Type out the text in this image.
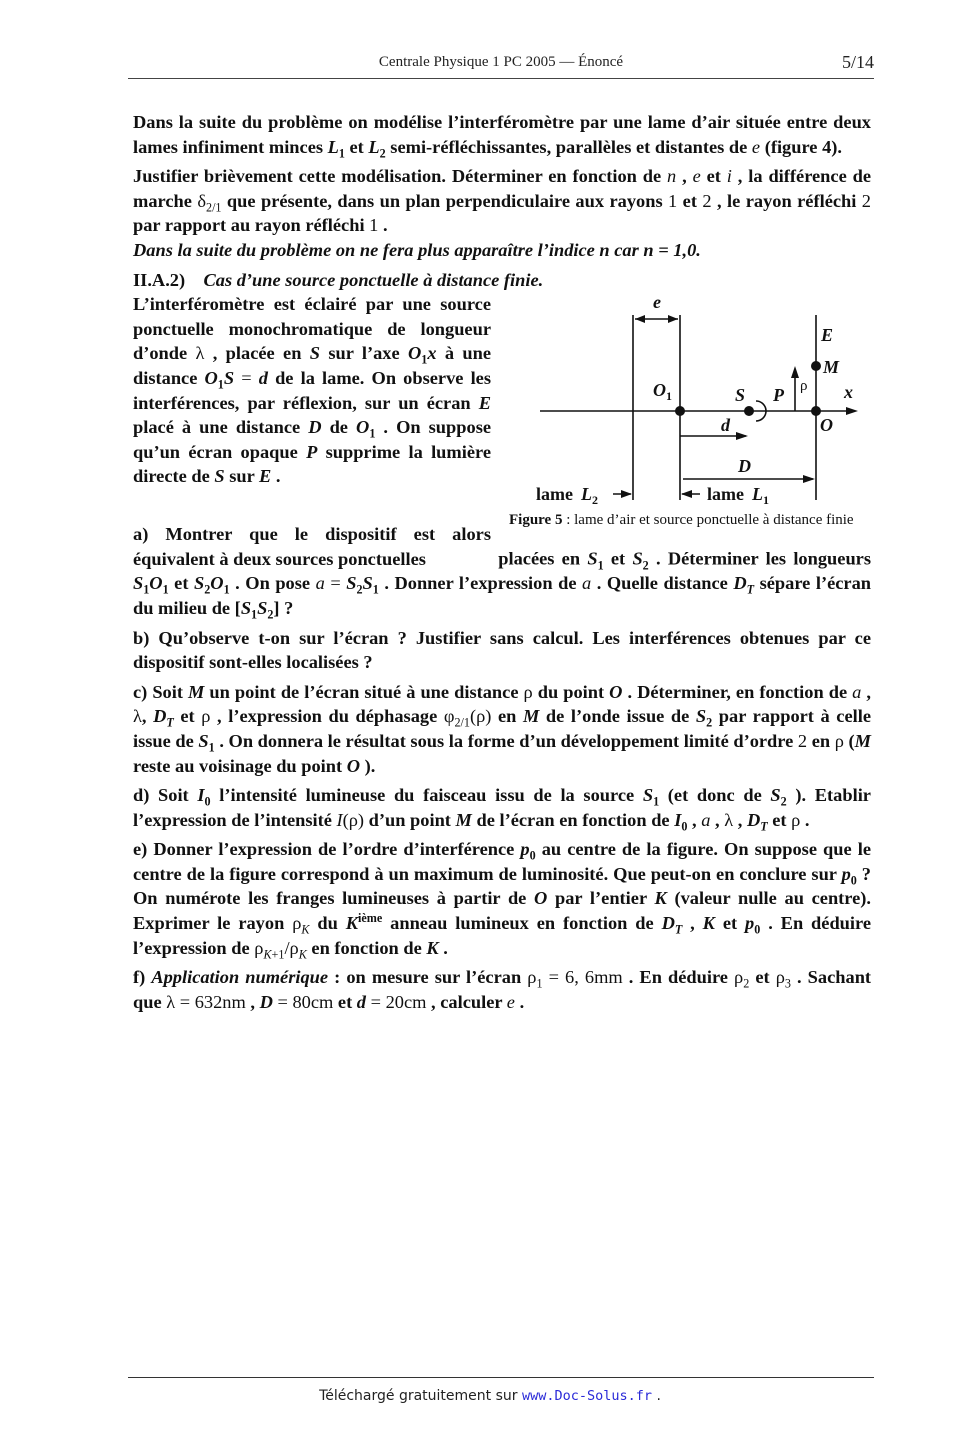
Centrale Physique 1 PC 2005 — Énoncé	5/14

Dans la suite du problème on modélise l’interféromètre par une lame d’air située entre deux lames infiniment minces $L_1$ et $L_2$ semi-réfléchissantes, parallèles et distantes de e (figure 4).

Justifier brièvement cette modélisation. Déterminer en fonction de n , e et i , la différence de marche $\delta_{2/1}$ que présente, dans un plan perpendiculaire aux rayons 1 et 2 , le rayon réfléchi 2 par rapport au rayon réfléchi 1 .

Dans la suite du problème on ne fera plus apparaître l’indice n car n = 1,0.

II.A.2) Cas d’une source ponctuelle à distance finie.

L’interféromètre est éclairé par une source ponctuelle monochromatique de longueur d’onde λ , placée en S sur l’axe $O_1x$ à une distance $O_1S = d$ de la lame. On observe les interférences, par réflexion, sur un écran E placé à une distance D de $O_1$ . On suppose qu’un écran opaque P supprime la lumière directe de S sur E .

e
E
M
$O_1$	S P ρ x
d	O
D
lame $L_2$	lame $L_1$
Figure 5 : lame d’air et source ponctuelle à distance finie

a) Montrer que le dispositif est alors équivalent à deux sources ponctuelles	placées en $S_1$ et $S_2$ . Déterminer les longueurs $S_1O_1$ et $S_2O_1$ . On pose $a = S_2S_1$ . Donner l’expression de a . Quelle distance $D_T$ sépare l’écran du milieu de $[S_1S_2]$ ?

b) Qu’observe t-on sur l’écran ? Justifier sans calcul. Les interférences obtenues par ce dispositif sont-elles localisées ?

c) Soit M un point de l’écran situé à une distance ρ du point O . Déterminer, en fonction de a , λ, $D_T$ et ρ , l’expression du déphasage $\varphi_{2/1}(\rho)$ en M de l’onde issue de $S_2$ par rapport à celle issue de $S_1$ . On donnera le résultat sous la forme d’un développement limité d’ordre 2 en ρ (M reste au voisinage du point O ).

d) Soit $I_0$ l’intensité lumineuse du faisceau issu de la source $S_1$ (et donc de $S_2$ ). Etablir l’expression de l’intensité I(ρ) d’un point M de l’écran en fonction de $I_0$ , a , λ , $D_T$ et ρ .

e) Donner l’expression de l’ordre d’interférence $p_0$ au centre de la figure. On suppose que le centre de la figure correspond à un maximum de luminosité. Que peut-on en conclure sur $p_0$ ? On numérote les franges lumineuses à partir de O par l’entier K (valeur nulle au centre). Exprimer le rayon $\rho_K$ du $K^{ième}$ anneau lumineux en fonction de $D_T$ , K et $p_0$ . En déduire l’expression de $\rho_{K+1}/\rho_K$ en fonction de K .

f) Application numérique : on mesure sur l’écran $\rho_1 = 6$, 6mm . En déduire $\rho_2$ et $\rho_3$ . Sachant que λ = 632nm , D = 80cm et d = 20cm , calculer e .

Téléchargé gratuitement sur www.Doc-Solus.fr .
